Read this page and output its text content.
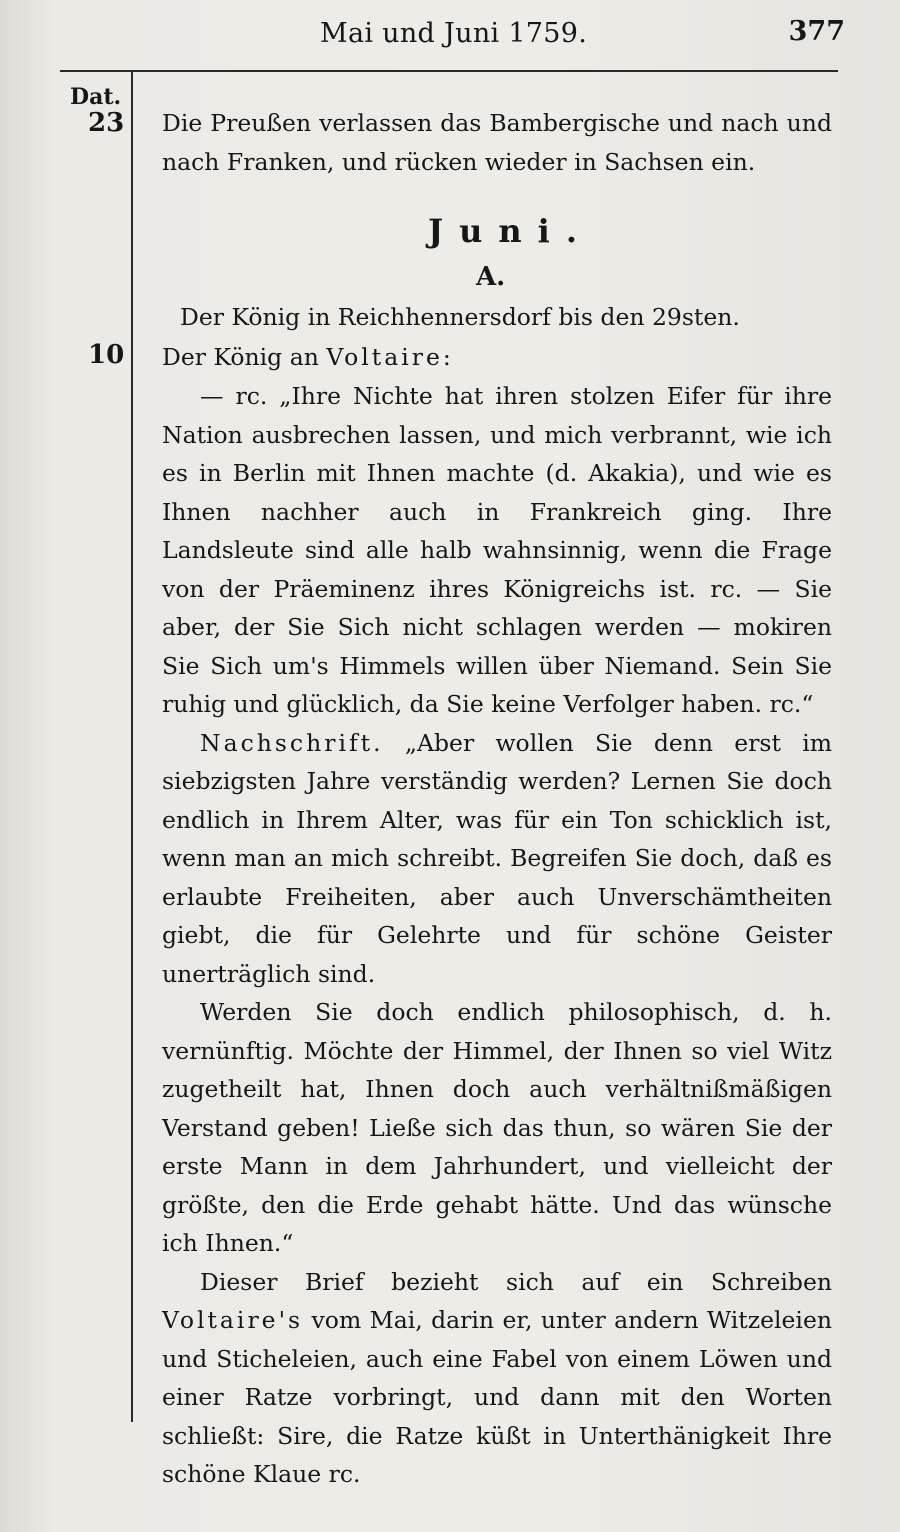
Mai und Juni 1759.	377
Dat.
23
10

Die Preußen verlassen das Bambergische und nach und nach Franken, und rücken wieder in Sachsen ein.

Juni.
A.

Der König in Reichhennersdorf bis den 29sten.

Der König an Voltaire:

— rc. „Ihre Nichte hat ihren stolzen Eifer für ihre Nation ausbrechen lassen, und mich verbrannt, wie ich es in Berlin mit Ihnen machte (d. Akakia), und wie es Ihnen nachher auch in Frankreich ging. Ihre Landsleute sind alle halb wahnsinnig, wenn die Frage von der Präeminenz ihres Königreichs ist. rc. — Sie aber, der Sie Sich nicht schlagen werden — mokiren Sie Sich um's Himmels willen über Niemand. Sein Sie ruhig und glücklich, da Sie keine Verfolger haben. rc.“

Nachschrift. „Aber wollen Sie denn erst im siebzigsten Jahre verständig werden? Lernen Sie doch endlich in Ihrem Alter, was für ein Ton schicklich ist, wenn man an mich schreibt. Begreifen Sie doch, daß es erlaubte Freiheiten, aber auch Unverschämtheiten giebt, die für Gelehrte und für schöne Geister unerträglich sind.

Werden Sie doch endlich philosophisch, d. h. vernünftig. Möchte der Himmel, der Ihnen so viel Witz zugetheilt hat, Ihnen doch auch verhältnißmäßigen Verstand geben! Ließe sich das thun, so wären Sie der erste Mann in dem Jahrhundert, und vielleicht der größte, den die Erde gehabt hätte. Und das wünsche ich Ihnen.“

Dieser Brief bezieht sich auf ein Schreiben Voltaire's vom Mai, darin er, unter andern Witzeleien und Sticheleien, auch eine Fabel von einem Löwen und einer Ratze vorbringt, und dann mit den Worten schließt: Sire, die Ratze küßt in Unterthänigkeit Ihre schöne Klaue rc.
